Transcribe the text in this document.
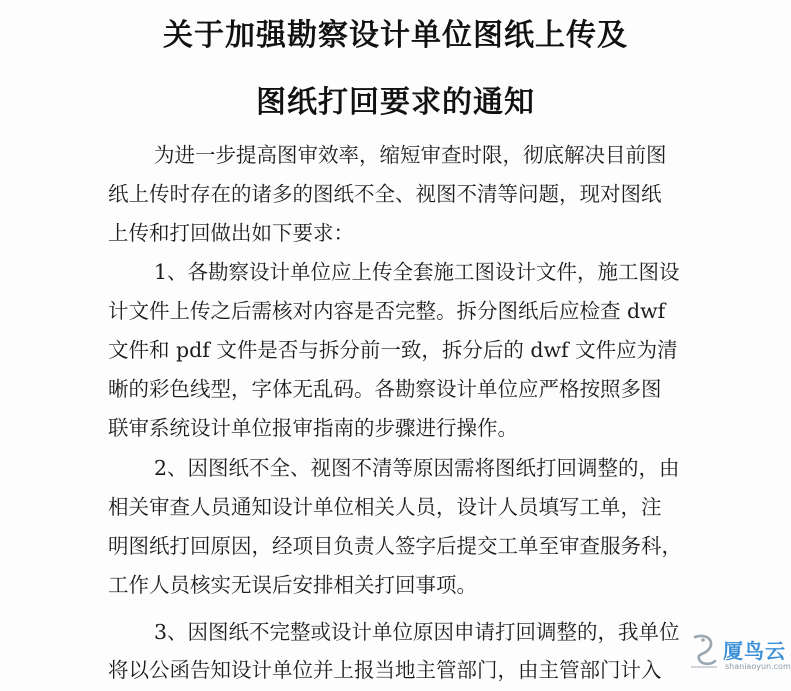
关于加强勘察设计单位图纸上传及
图纸打回要求的通知
为进一步提高图审效率，缩短审查时限，彻底解决目前图
纸上传时存在的诸多的图纸不全、视图不清等问题，现对图纸
上传和打回做出如下要求：
1、各勘察设计单位应上传全套施工图设计文件，施工图设
计文件上传之后需核对内容是否完整。拆分图纸后应检查 dwf
文件和 pdf 文件是否与拆分前一致，拆分后的 dwf 文件应为清
晰的彩色线型，字体无乱码。各勘察设计单位应严格按照多图
联审系统设计单位报审指南的步骤进行操作。
2、因图纸不全、视图不清等原因需将图纸打回调整的，由
相关审查人员通知设计单位相关人员，设计人员填写工单，注
明图纸打回原因，经项目负责人签字后提交工单至审查服务科，
工作人员核实无误后安排相关打回事项。
3、因图纸不完整或设计单位原因申请打回调整的，我单位
将以公函告知设计单位并上报当地主管部门，由主管部门计入
厦鸟云
shaniaoyun.com
